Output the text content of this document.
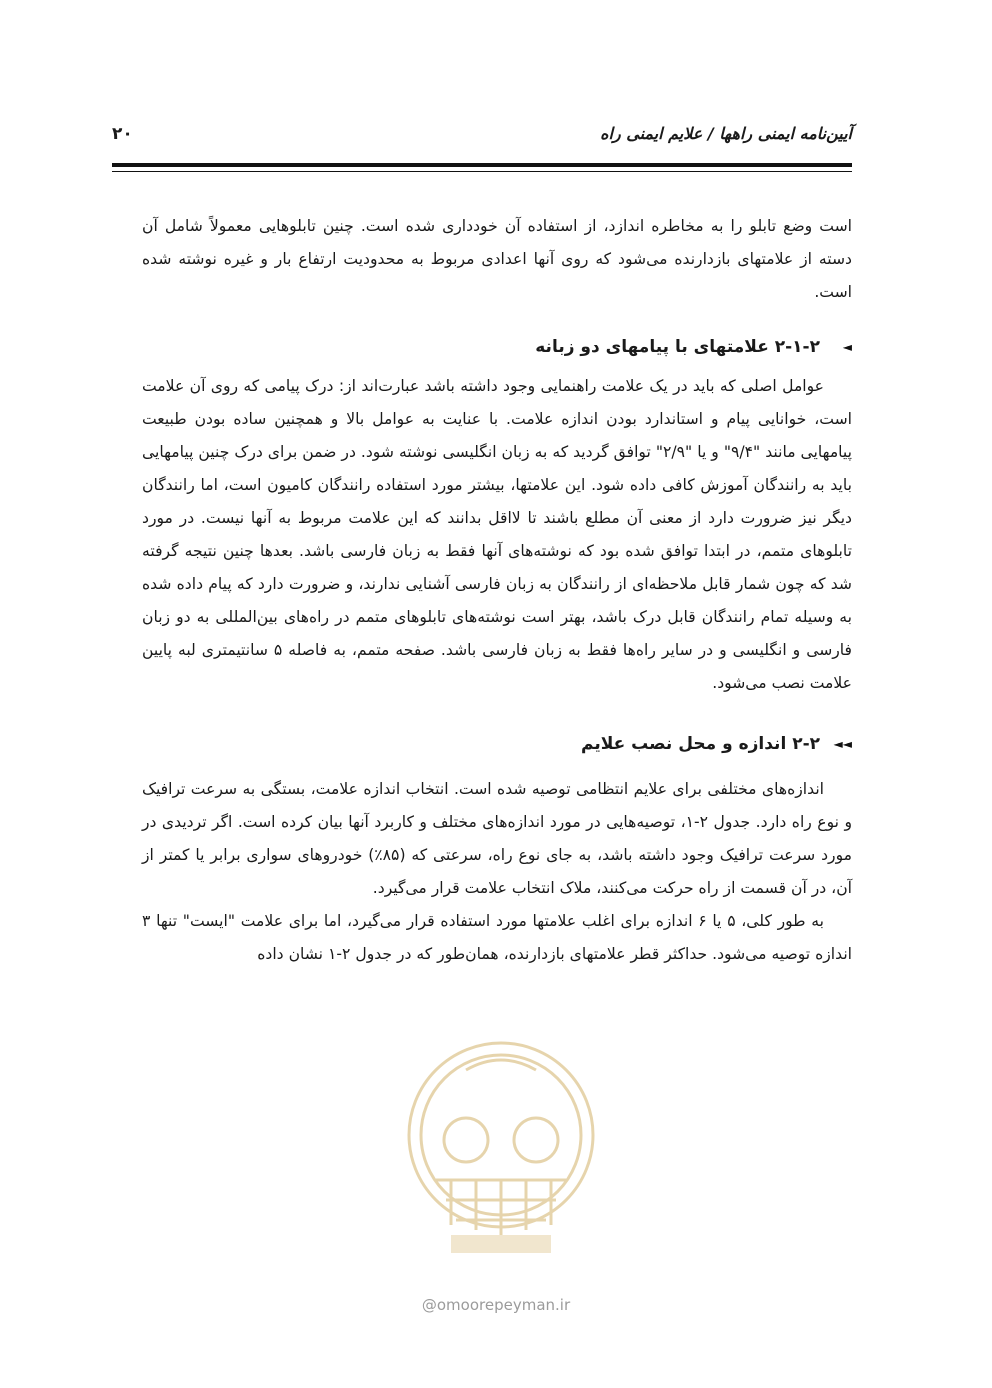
۲۰	آیین‌نامه ایمنی راهها / علایم ایمنی راه

است وضع تابلو را به مخاطره اندازد، از استفاده آن خودداری شده است. چنین تابلوهایی معمولاً شامل آن دسته از علامتهای بازدارنده می‌شود که روی آنها اعدادی مربوط به محدودیت ارتفاع بار و غیره نوشته شده است.

◄
۲-۱-۲ علامتهای با پیامهای دو زبانه

عوامل اصلی که باید در یک علامت راهنمایی وجود داشته باشد عبارت‌اند از: درک پیامی که روی آن علامت است، خوانایی پیام و استاندارد بودن اندازه علامت. با عنایت به عوامل بالا و همچنین ساده بودن طبیعت پیامهایی مانند "۹/۴" و یا "۲/۹" توافق گردید که به زبان انگلیسی نوشته شود. در ضمن برای درک چنین پیامهایی باید به رانندگان آموزش کافی داده شود. این علامتها، بیشتر مورد استفاده رانندگان کامیون است، اما رانندگان دیگر نیز ضرورت دارد از معنی آن مطلع باشند تا لااقل بدانند که این علامت مربوط به آنها نیست. در مورد تابلوهای متمم، در ابتدا توافق شده بود که نوشته‌های آنها فقط به زبان فارسی باشد. بعدها چنین نتیجه گرفته شد که چون شمار قابل ملاحظه‌ای از رانندگان به زبان فارسی آشنایی ندارند، و ضرورت دارد که پیام داده شده به وسیله تمام رانندگان قابل درک باشد، بهتر است نوشته‌های تابلوهای متمم در راه‌های بین‌المللی به دو زبان فارسی و انگلیسی و در سایر راه‌ها فقط به زبان فارسی باشد. صفحه متمم، به فاصله ۵ سانتیمتری لبه پایین علامت نصب می‌شود.

◄◄
۲-۲ اندازه و محل نصب علایم

اندازه‌های مختلفی برای علایم انتظامی توصیه شده است. انتخاب اندازه علامت، بستگی به سرعت ترافیک و نوع راه دارد. جدول ۲-۱، توصیه‌هایی در مورد اندازه‌های مختلف و کاربرد آنها بیان کرده است. اگر تردیدی در مورد سرعت ترافیک وجود داشته باشد، به جای نوع راه، سرعتی که (۸۵٪) خودروهای سواری برابر یا کمتر از آن، در آن قسمت از راه حرکت می‌کنند، ملاک انتخاب علامت قرار می‌گیرد.

به طور کلی، ۵ یا ۶ اندازه برای اغلب علامتها مورد استفاده قرار می‌گیرد، اما برای علامت "ایست" تنها ۳ اندازه توصیه می‌شود. حداکثر قطر علامتهای بازدارنده، همان‌طور که در جدول ۲-۱ نشان داده

@omoorepeyman.ir
